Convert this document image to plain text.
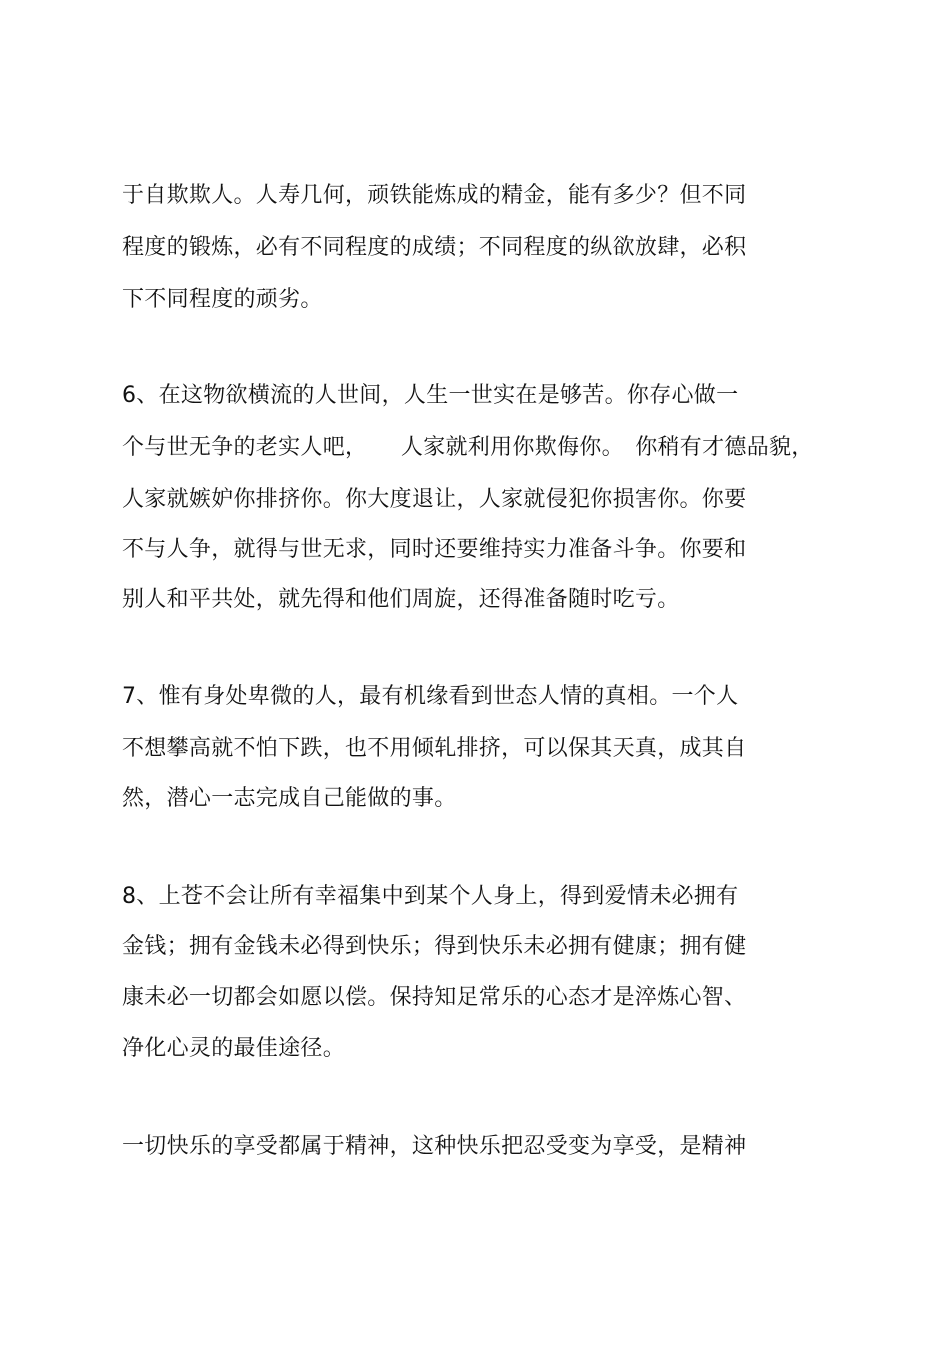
于自欺欺人。人寿几何，顽铁能炼成的精金，能有多少？但不同
程度的锻炼，必有不同程度的成绩；不同程度的纵欲放肆，必积
下不同程度的顽劣。
6、在这物欲横流的人世间，人生一世实在是够苦。你存心做一
个与世无争的老实人吧，　　人家就利用你欺侮你。　你稍有才德品貌，
人家就嫉妒你排挤你。你大度退让，人家就侵犯你损害你。你要
不与人争，就得与世无求，同时还要维持实力准备斗争。你要和
别人和平共处，就先得和他们周旋，还得准备随时吃亏。
7、惟有身处卑微的人，最有机缘看到世态人情的真相。一个人
不想攀高就不怕下跌，也不用倾轧排挤，可以保其天真，成其自
然，潜心一志完成自己能做的事。
8、上苍不会让所有幸福集中到某个人身上，得到爱情未必拥有
金钱；拥有金钱未必得到快乐；得到快乐未必拥有健康；拥有健
康未必一切都会如愿以偿。保持知足常乐的心态才是淬炼心智、
净化心灵的最佳途径。
一切快乐的享受都属于精神，这种快乐把忍受变为享受，是精神
